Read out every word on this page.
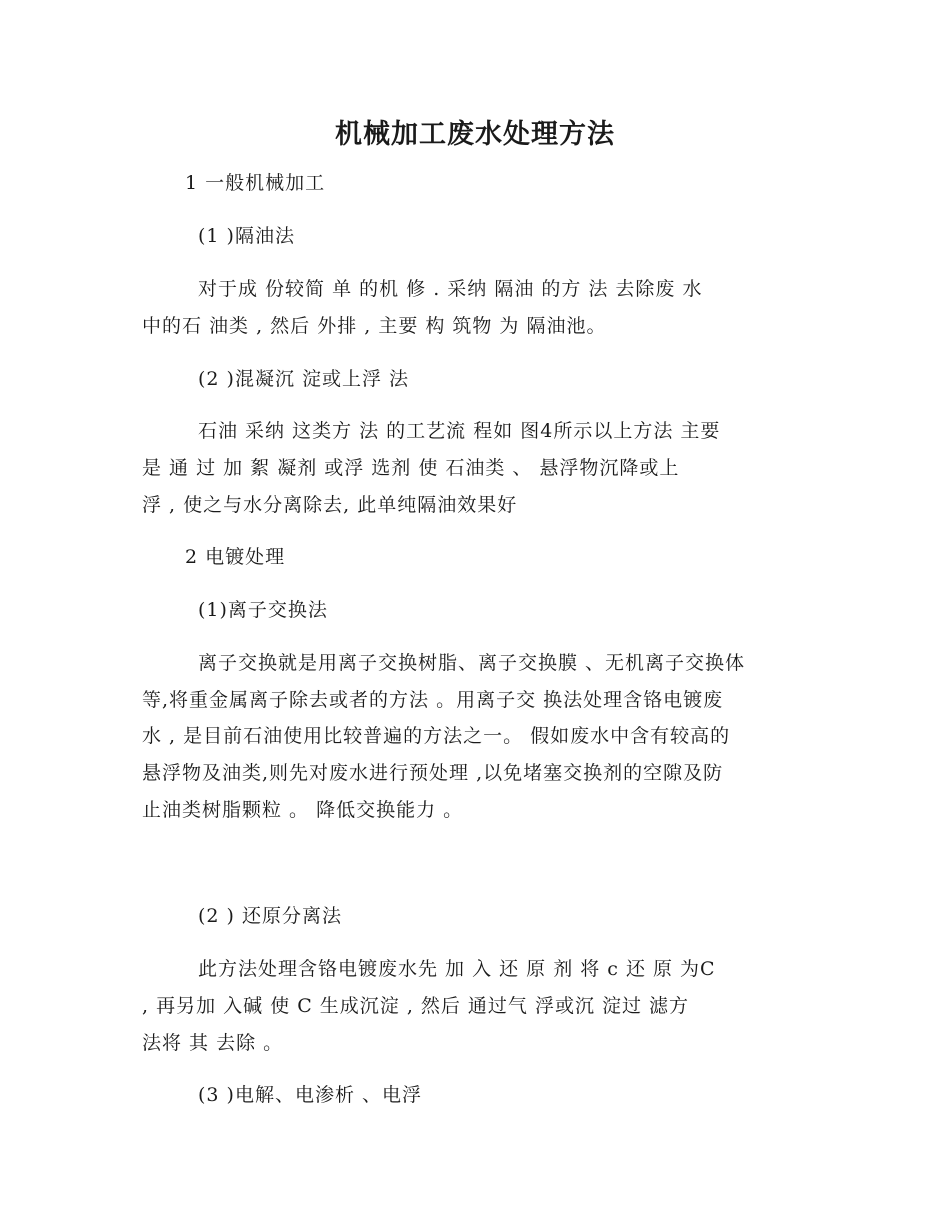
机械加工废水处理方法
1 一般机械加工
(1 )隔油法
对于成 份较简 单 的机 修 . 采纳 隔油 的方 法 去除废 水
中的石 油类 , 然后 外排 , 主要 构 筑物 为 隔油池。
(2 )混凝沉 淀或上浮 法
石油 采纳 这类方 法 的工艺流 程如 图4所示以上方法 主要
是 通 过 加 絮 凝剂 或浮 选剂 使 石油类 、 悬浮物沉降或上
浮 , 使之与水分离除去, 此单纯隔油效果好
2 电镀处理
(1)离子交换法
离子交换就是用离子交换树脂、离子交换膜 、无机离子交换体
等,将重金属离子除去或者的方法 。用离子交 换法处理含铬电镀废
水 , 是目前石油使用比较普遍的方法之一。 假如废水中含有较高的
悬浮物及油类,则先对废水进行预处理 ,以免堵塞交换剂的空隙及防
止油类树脂颗粒 。 降低交换能力 。
(2 ) 还原分离法
此方法处理含铬电镀废水先 加 入 还 原 剂 将 c 还 原 为C
, 再另加 入碱 使 C 生成沉淀 , 然后 通过气 浮或沉 淀过 滤方
法将 其 去除 。
(3 )电解、电渗析 、电浮
